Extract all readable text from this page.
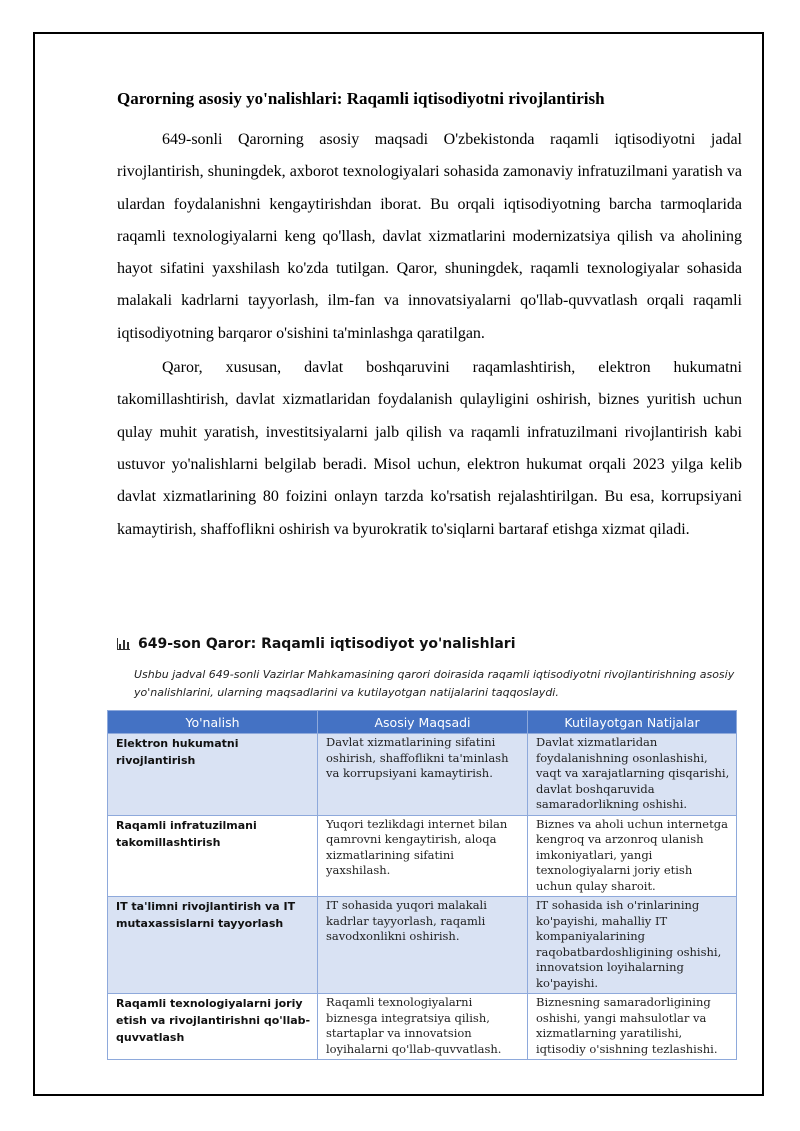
Qarorning asosiy yo'nalishlari: Raqamli iqtisodiyotni rivojlantirish

649-sonli Qarorning asosiy maqsadi O'zbekistonda raqamli iqtisodiyotni jadal rivojlantirish, shuningdek, axborot texnologiyalari sohasida zamonaviy infratuzilmani yaratish va ulardan foydalanishni kengaytirishdan iborat. Bu orqali iqtisodiyotning barcha tarmoqlarida raqamli texnologiyalarni keng qo'llash, davlat xizmatlarini modernizatsiya qilish va aholining hayot sifatini yaxshilash ko'zda tutilgan. Qaror, shuningdek, raqamli texnologiyalar sohasida malakali kadrlarni tayyorlash, ilm-fan va innovatsiyalarni qo'llab-quvvatlash orqali raqamli iqtisodiyotning barqaror o'sishini ta'minlashga qaratilgan.

Qaror, xususan, davlat boshqaruvini raqamlashtirish, elektron hukumatni takomillashtirish, davlat xizmatlaridan foydalanish qulayligini oshirish, biznes yuritish uchun qulay muhit yaratish, investitsiyalarni jalb qilish va raqamli infratuzilmani rivojlantirish kabi ustuvor yo'nalishlarni belgilab beradi. Misol uchun, elektron hukumat orqali 2023 yilga kelib davlat xizmatlarining 80 foizini onlayn tarzda ko'rsatish rejalashtirilgan. Bu esa, korrupsiyani kamaytirish, shaffoflikni oshirish va byurokratik to'siqlarni bartaraf etishga xizmat qiladi.

649-son Qaror: Raqamli iqtisodiyot yo'nalishlari
Ushbu jadval 649-sonli Vazirlar Mahkamasining qarori doirasida raqamli iqtisodiyotni rivojlantirishning asosiy yo'nalishlarini, ularning maqsadlarini va kutilayotgan natijalarini taqqoslaydi.
Yo'nalish	Asosiy Maqsadi	Kutilayotgan Natijalar
Elektron hukumatni rivojlantirish	Davlat xizmatlarining sifatini oshirish, shaffoflikni ta'minlash va korrupsiyani kamaytirish.	Davlat xizmatlaridan foydalanishning osonlashishi, vaqt va xarajatlarning qisqarishi, davlat boshqaruvida samaradorlikning oshishi.
Raqamli infratuzilmani takomillashtirish	Yuqori tezlikdagi internet bilan qamrovni kengaytirish, aloqa xizmatlarining sifatini yaxshilash.	Biznes va aholi uchun internetga kengroq va arzonroq ulanish imkoniyatlari, yangi texnologiyalarni joriy etish uchun qulay sharoit.
IT ta'limni rivojlantirish va IT mutaxassislarni tayyorlash	IT sohasida yuqori malakali kadrlar tayyorlash, raqamli savodxonlikni oshirish.	IT sohasida ish o'rinlarining ko'payishi, mahalliy IT kompaniyalarining raqobatbardoshligining oshishi, innovatsion loyihalarning ko'payishi.
Raqamli texnologiyalarni joriy etish va rivojlantirishni qo'llab-quvvatlash	Raqamli texnologiyalarni biznesga integratsiya qilish, startaplar va innovatsion loyihalarni qo'llab-quvvatlash.	Biznesning samaradorligining oshishi, yangi mahsulotlar va xizmatlarning yaratilishi, iqtisodiy o'sishning tezlashishi.
